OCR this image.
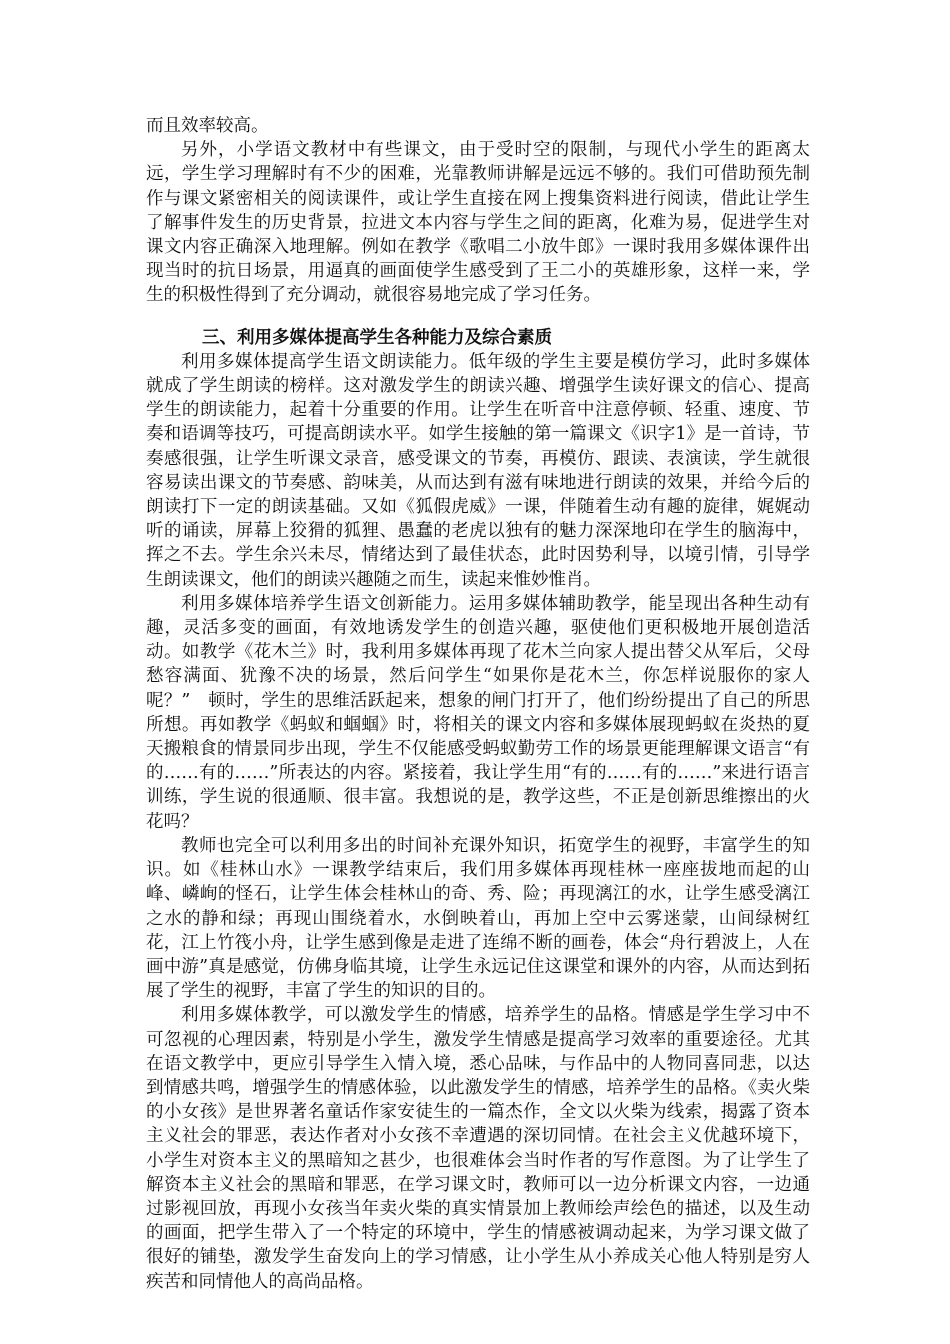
而且效率较高。

另外，小学语文教材中有些课文，由于受时空的限制，与现代小学生的距离太远，学生学习理解时有不少的困难，光靠教师讲解是远远不够的。我们可借助预先制作与课文紧密相关的阅读课件，或让学生直接在网上搜集资料进行阅读，借此让学生了解事件发生的历史背景，拉进文本内容与学生之间的距离，化难为易，促进学生对课文内容正确深入地理解。例如在教学《歌唱二小放牛郎》一课时我用多媒体课件出现当时的抗日场景，用逼真的画面使学生感受到了王二小的英雄形象，这样一来，学生的积极性得到了充分调动，就很容易地完成了学习任务。

三、利用多媒体提高学生各种能力及综合素质

利用多媒体提高学生语文朗读能力。低年级的学生主要是模仿学习，此时多媒体就成了学生朗读的榜样。这对激发学生的朗读兴趣、增强学生读好课文的信心、提高学生的朗读能力，起着十分重要的作用。让学生在听音中注意停顿、轻重、速度、节奏和语调等技巧，可提高朗读水平。如学生接触的第一篇课文《识字1》是一首诗，节奏感很强，让学生听课文录音，感受课文的节奏，再模仿、跟读、表演读，学生就很容易读出课文的节奏感、韵味美，从而达到有滋有味地进行朗读的效果，并给今后的朗读打下一定的朗读基础。又如《狐假虎威》一课，伴随着生动有趣的旋律，娓娓动听的诵读，屏幕上狡猾的狐狸、愚蠢的老虎以独有的魅力深深地印在学生的脑海中，挥之不去。学生余兴未尽，情绪达到了最佳状态，此时因势利导，以境引情，引导学生朗读课文，他们的朗读兴趣随之而生，读起来惟妙惟肖。

利用多媒体培养学生语文创新能力。运用多媒体辅助教学，能呈现出各种生动有趣，灵活多变的画面，有效地诱发学生的创造兴趣，驱使他们更积极地开展创造活动。如教学《花木兰》时，我利用多媒体再现了花木兰向家人提出替父从军后，父母愁容满面、犹豫不决的场景，然后问学生“如果你是花木兰，你怎样说服你的家人呢？”　顿时，学生的思维活跃起来，想象的闸门打开了，他们纷纷提出了自己的所思所想。再如教学《蚂蚁和蝈蝈》时，将相关的课文内容和多媒体展现蚂蚁在炎热的夏天搬粮食的情景同步出现，学生不仅能感受蚂蚁勤劳工作的场景更能理解课文语言“有的……有的……”所表达的内容。紧接着，我让学生用“有的……有的……”来进行语言训练，学生说的很通顺、很丰富。我想说的是，教学这些，不正是创新思维擦出的火花吗？

教师也完全可以利用多出的时间补充课外知识，拓宽学生的视野，丰富学生的知识。如《桂林山水》一课教学结束后，我们用多媒体再现桂林一座座拔地而起的山峰、嶙峋的怪石，让学生体会桂林山的奇、秀、险；再现漓江的水，让学生感受漓江之水的静和绿；再现山围绕着水，水倒映着山，再加上空中云雾迷蒙，山间绿树红花，江上竹筏小舟，让学生感到像是走进了连绵不断的画卷，体会“舟行碧波上，人在画中游”真是感觉，仿佛身临其境，让学生永远记住这课堂和课外的内容，从而达到拓展了学生的视野，丰富了学生的知识的目的。

利用多媒体教学，可以激发学生的情感，培养学生的品格。情感是学生学习中不可忽视的心理因素，特别是小学生，激发学生情感是提高学习效率的重要途径。尤其在语文教学中，更应引导学生入情入境，悉心品味，与作品中的人物同喜同悲，以达到情感共鸣，增强学生的情感体验，以此激发学生的情感，培养学生的品格。《卖火柴的小女孩》是世界著名童话作家安徒生的一篇杰作，全文以火柴为线索，揭露了资本主义社会的罪恶，表达作者对小女孩不幸遭遇的深切同情。在社会主义优越环境下，小学生对资本主义的黑暗知之甚少，也很难体会当时作者的写作意图。为了让学生了解资本主义社会的黑暗和罪恶，在学习课文时，教师可以一边分析课文内容，一边通过影视回放，再现小女孩当年卖火柴的真实情景加上教师绘声绘色的描述，以及生动的画面，把学生带入了一个特定的环境中，学生的情感被调动起来，为学习课文做了很好的铺垫，激发学生奋发向上的学习情感，让小学生从小养成关心他人特别是穷人疾苦和同情他人的高尚品格。
